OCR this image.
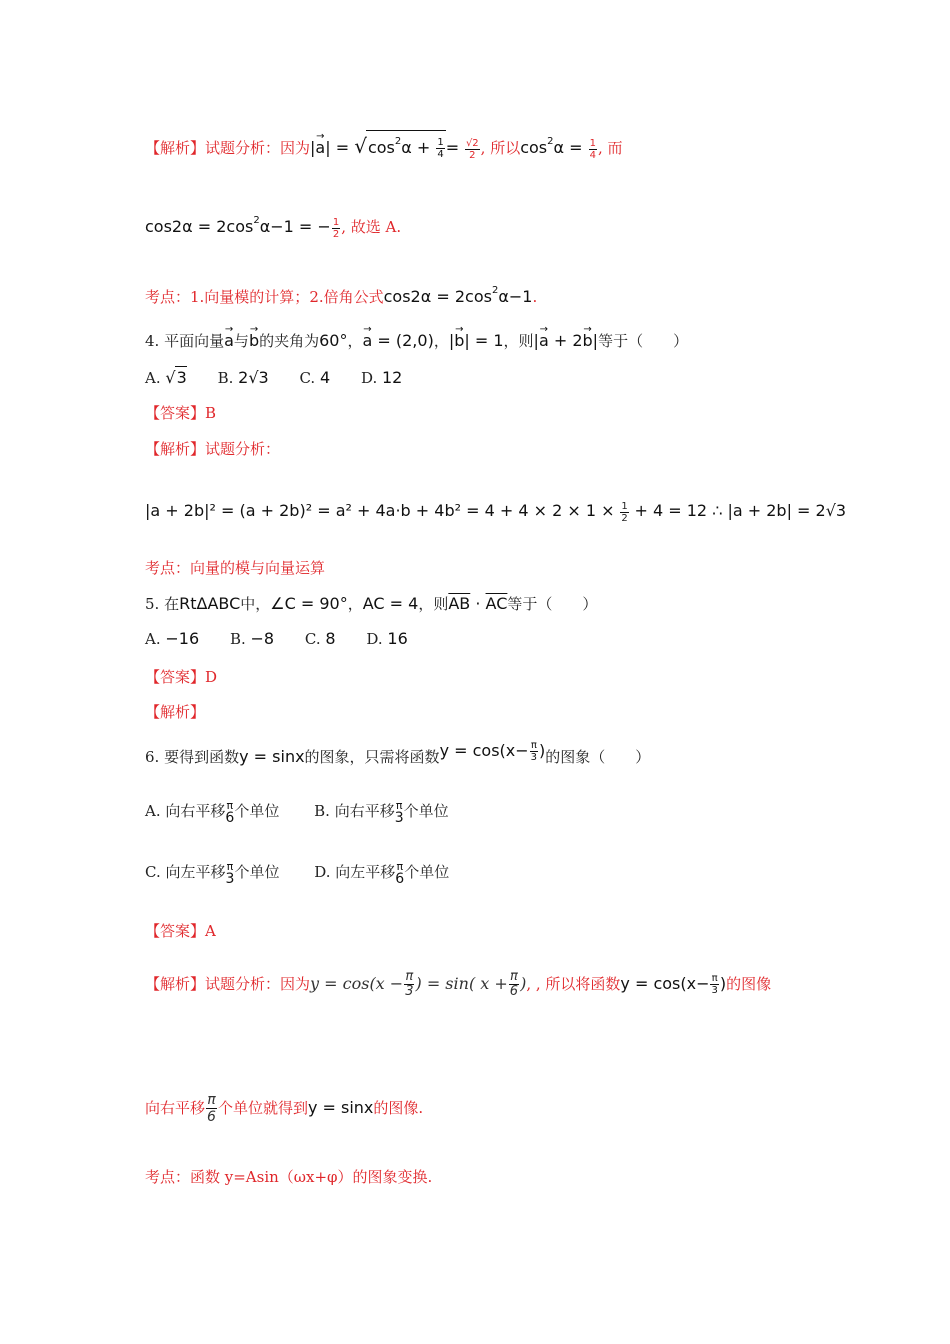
【解析】试题分析：因为|→ $a| = √\cos^2\alpha + \frac{1}{4} = \frac{√2}{2}$ , 所以$\cos^2\alpha = \frac{1}{4}$ , 而
$\cos 2\alpha = 2\cos^2\alpha-1$ = − $\frac{1}{2}$ , 故选 A.
考点：1.向量模的计算；2.倍角公式$\cos 2\alpha = 2\cos^2\alpha-1$.
4. 平面向量→ a与→ b的夹角为60°，→ a = (2,0)，|→ b| = 1，则|→ a + 2→ b|等于（　　）
A. √3 B. 2√3 C. 4 D. 12
【答案】B
【解析】试题分析：
$|a + 2b|^2 = (a + 2b)^2 = a^2 + 4a\cdot b + 4b^2 = 4 + 4 \times 2 \times 1 \times \frac{1}{2} + 4 = 12$ ∴ |a + 2b| = 2√3
考点：向量的模与向量运算
5. 在RtΔABC中，∠C = 90°，AC = 4，则$\overline{AB} \cdot \overline{AC}$等于（　　）
A. −16 B. −8 C. 8 D. 16
【答案】D
【解析】
6. 要得到函数y = sinx的图象，只需将函数$y = \cos(x- \frac{\pi}{3}$ )的图象（　　）
A. 向右平移 π
6 个单位 B. 向右平移 π
3 个单位
C. 向左平移 π
3 个单位 D. 向左平移 π
6 个单位
【答案】A
【解析】试题分析：因为$y = \cos(x - \frac{\pi}{3}$ ) = sin( $x + \frac{\pi}{6}$ ), , 所以将函数$y = \cos(x- \frac{\pi}{3}$ )的图像
向右平移 $\frac{\pi}{6}$ 个单位就得到y = sinx的图像.
考点：函数 y=Asin（ωx+φ）的图象变换.
